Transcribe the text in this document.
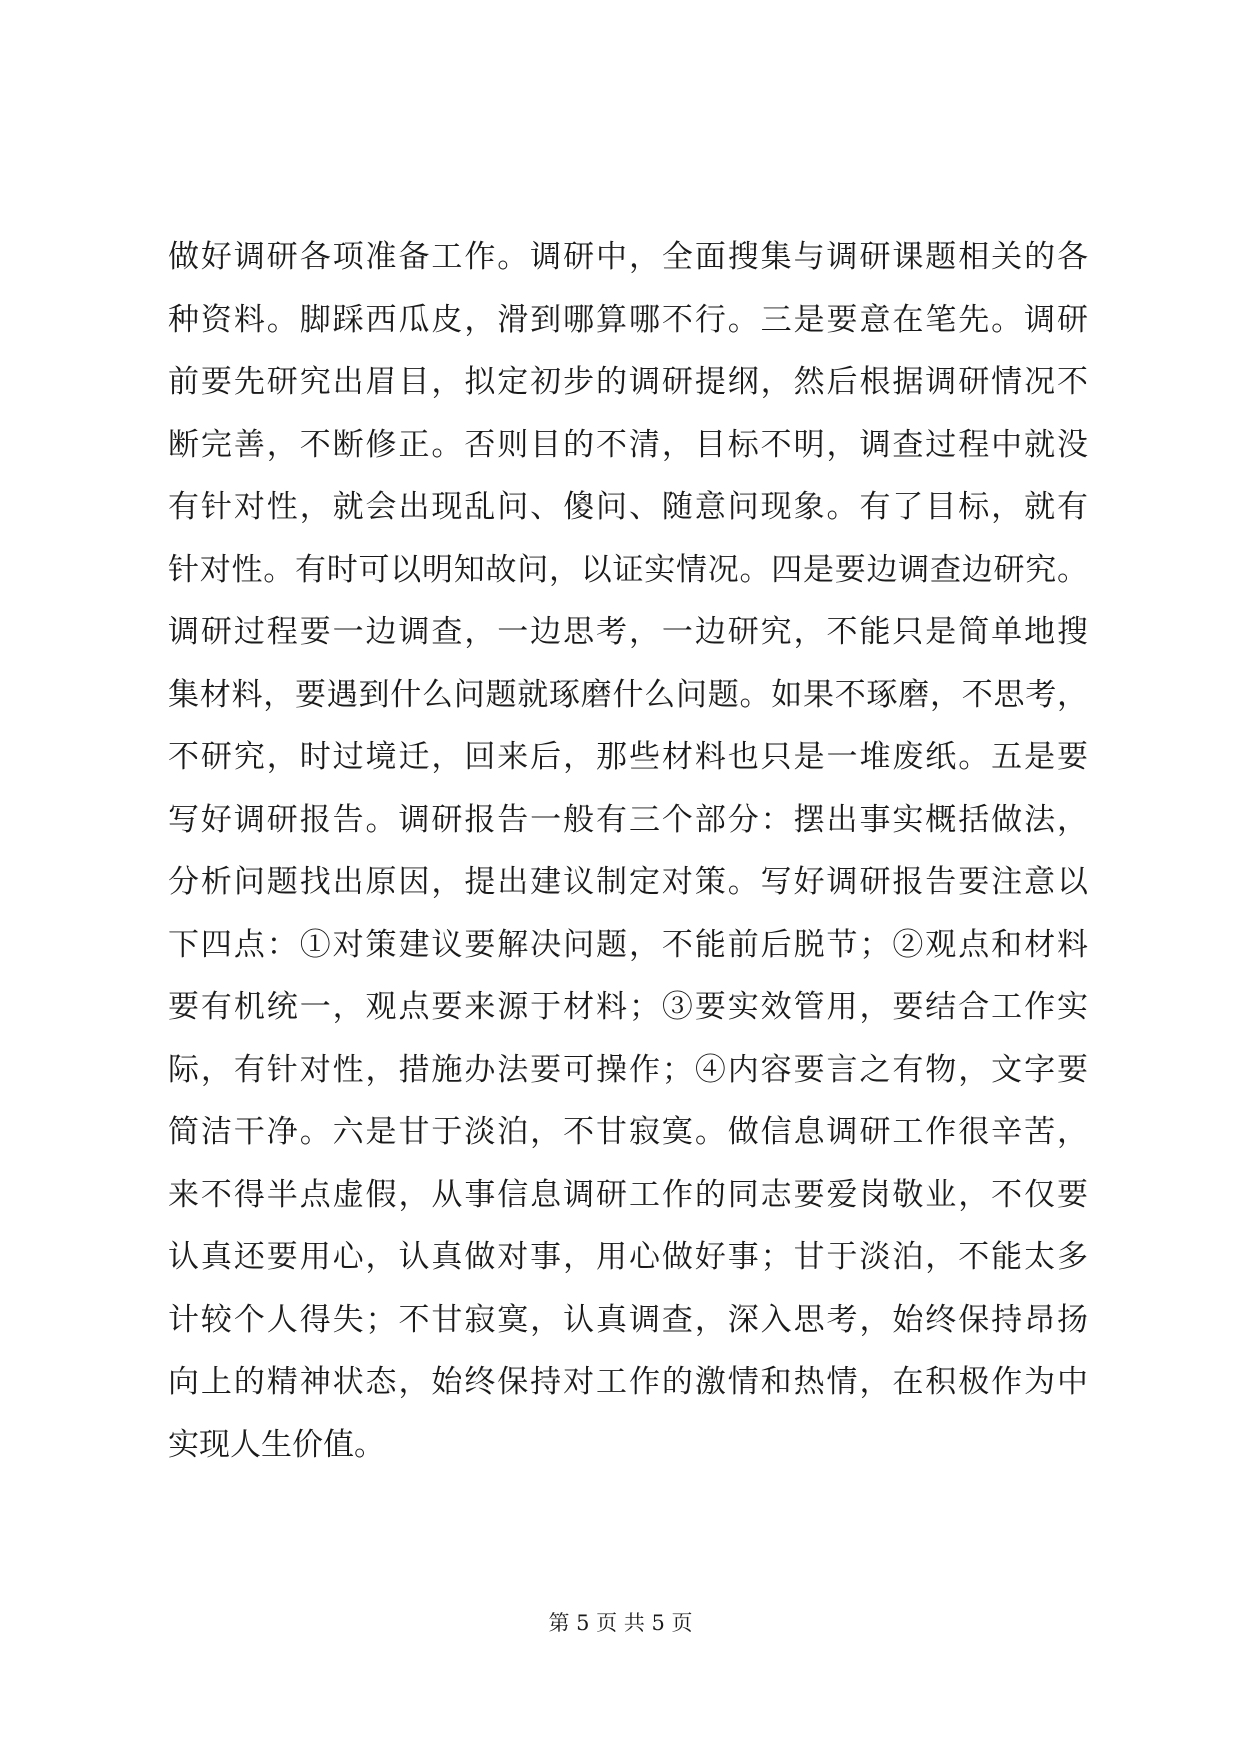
做好调研各项准备工作。调研中，全面搜集与调研课题相关的各
种资料。脚踩西瓜皮，滑到哪算哪不行。三是要意在笔先。调研
前要先研究出眉目，拟定初步的调研提纲，然后根据调研情况不
断完善，不断修正。否则目的不清，目标不明，调查过程中就没
有针对性，就会出现乱问、傻问、随意问现象。有了目标，就有
针对性。有时可以明知故问，以证实情况。四是要边调查边研究。
调研过程要一边调查，一边思考，一边研究，不能只是简单地搜
集材料，要遇到什么问题就琢磨什么问题。如果不琢磨，不思考，
不研究，时过境迁，回来后，那些材料也只是一堆废纸。五是要
写好调研报告。调研报告一般有三个部分：摆出事实概括做法，
分析问题找出原因，提出建议制定对策。写好调研报告要注意以
下四点：①对策建议要解决问题，不能前后脱节；②观点和材料
要有机统一，观点要来源于材料；③要实效管用，要结合工作实
际，有针对性，措施办法要可操作；④内容要言之有物，文字要
简洁干净。六是甘于淡泊，不甘寂寞。做信息调研工作很辛苦，
来不得半点虚假，从事信息调研工作的同志要爱岗敬业，不仅要
认真还要用心，认真做对事，用心做好事；甘于淡泊，不能太多
计较个人得失；不甘寂寞，认真调查，深入思考，始终保持昂扬
向上的精神状态，始终保持对工作的激情和热情，在积极作为中
实现人生价值。
第 5 页 共 5 页
